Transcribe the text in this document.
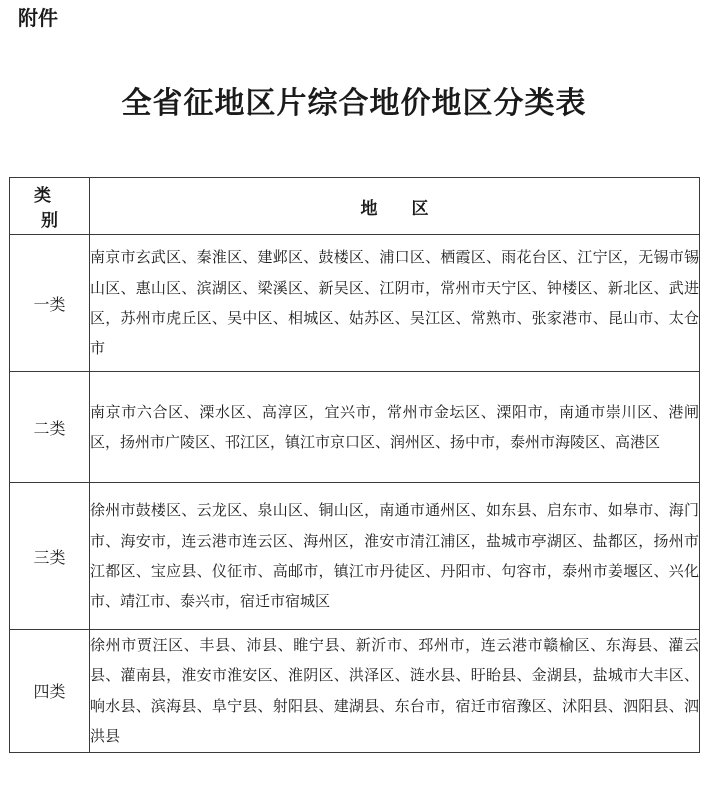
附件
全省征地区片综合地价地区分类表
类 别	地 区
一类	南京市玄武区、秦淮区、建邺区、鼓楼区、浦口区、栖霞区、雨花台区、江宁区，无锡市锡山区、惠山区、滨湖区、梁溪区、新吴区、江阴市，常州市天宁区、钟楼区、新北区、武进区，苏州市虎丘区、吴中区、相城区、姑苏区、吴江区、常熟市、张家港市、昆山市、太仓市
二类	南京市六合区、溧水区、高淳区，宜兴市，常州市金坛区、溧阳市，南通市崇川区、港闸区，扬州市广陵区、邗江区，镇江市京口区、润州区、扬中市，泰州市海陵区、高港区
三类	徐州市鼓楼区、云龙区、泉山区、铜山区，南通市通州区、如东县、启东市、如皋市、海门市、海安市，连云港市连云区、海州区，淮安市清江浦区，盐城市亭湖区、盐都区，扬州市江都区、宝应县、仪征市、高邮市，镇江市丹徒区、丹阳市、句容市，泰州市姜堰区、兴化市、靖江市、泰兴市，宿迁市宿城区
四类	徐州市贾汪区、丰县、沛县、睢宁县、新沂市、邳州市，连云港市赣榆区、东海县、灌云县、灌南县，淮安市淮安区、淮阴区、洪泽区、涟水县、盱眙县、金湖县，盐城市大丰区、响水县、滨海县、阜宁县、射阳县、建湖县、东台市，宿迁市宿豫区、沭阳县、泗阳县、泗洪县
